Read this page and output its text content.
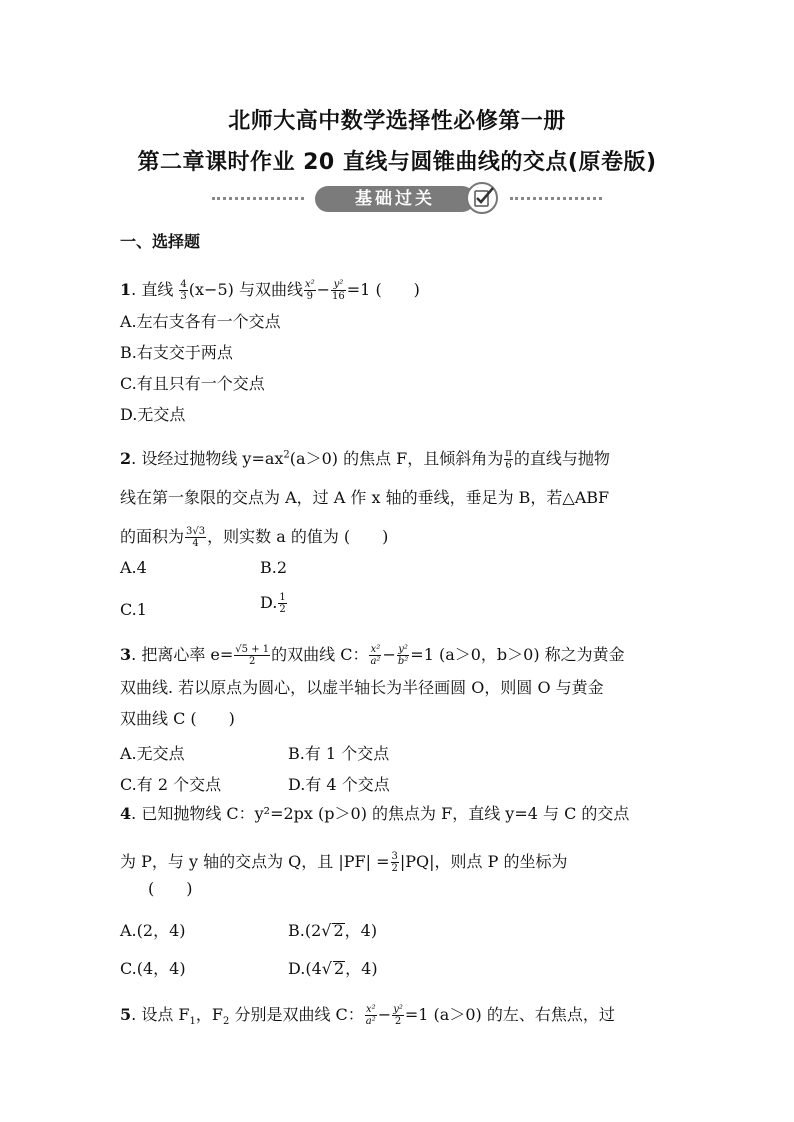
北师大高中数学选择性必修第一册
第二章课时作业 20 直线与圆锥曲线的交点(原卷版)
基础过关
一、选择题
1. 直线 $\frac{4}{3} (x-5)$ 与双曲线 $\frac{\text{x²}}{9} - \frac{\text{y²}}{16} =1$ (　　)
A.左右支各有一个交点
B.右支交于两点
C.有且只有一个交点
D.无交点
2. 设经过抛物线 $y=ax^2(a>0)$ 的焦点 F，且倾斜角为 $\frac{\pi}{6}$ 的直线与抛物
线在第一象限的交点为 A，过 A 作 x 轴的垂线，垂足为 B，若△ABF
的面积为 $\frac{3√3}{4}$ ，则实数 a 的值为 (　　)
A.4	B.2
C.1	D. $\frac{1}{2}$
3. 把离心率 $e= \frac{√5 + 1}{2}$ 的双曲线 C： $\frac{\text{x²}}{\text{a²}} - \frac{\text{y²}}{\text{b²}} =1$ (a＞0，b＞0) 称之为黄金
双曲线. 若以原点为圆心，以虚半轴长为半径画圆 O，则圆 O 与黄金
双曲线 C (　　)
A.无交点	B.有 1 个交点
C.有 2 个交点	D.有 4 个交点
4. 已知抛物线 C：y²=2px (p＞0) 的焦点为 F，直线 y=4 与 C 的交点
为 P，与 y 轴的交点为 Q，且 $|PF| = \frac{3}{2} |PQ|$，则点 P 的坐标为
(　　)
A.(2，4)	B.(2√ 2，4)
C.(4，4)	D.(4√ 2，4)
5. 设点 $F_1$，$F_2$ 分别是双曲线 C： $\frac{\text{x²}}{\text{a²}} - \frac{\text{y²}}{2} =1$ (a＞0) 的左、右焦点，过
